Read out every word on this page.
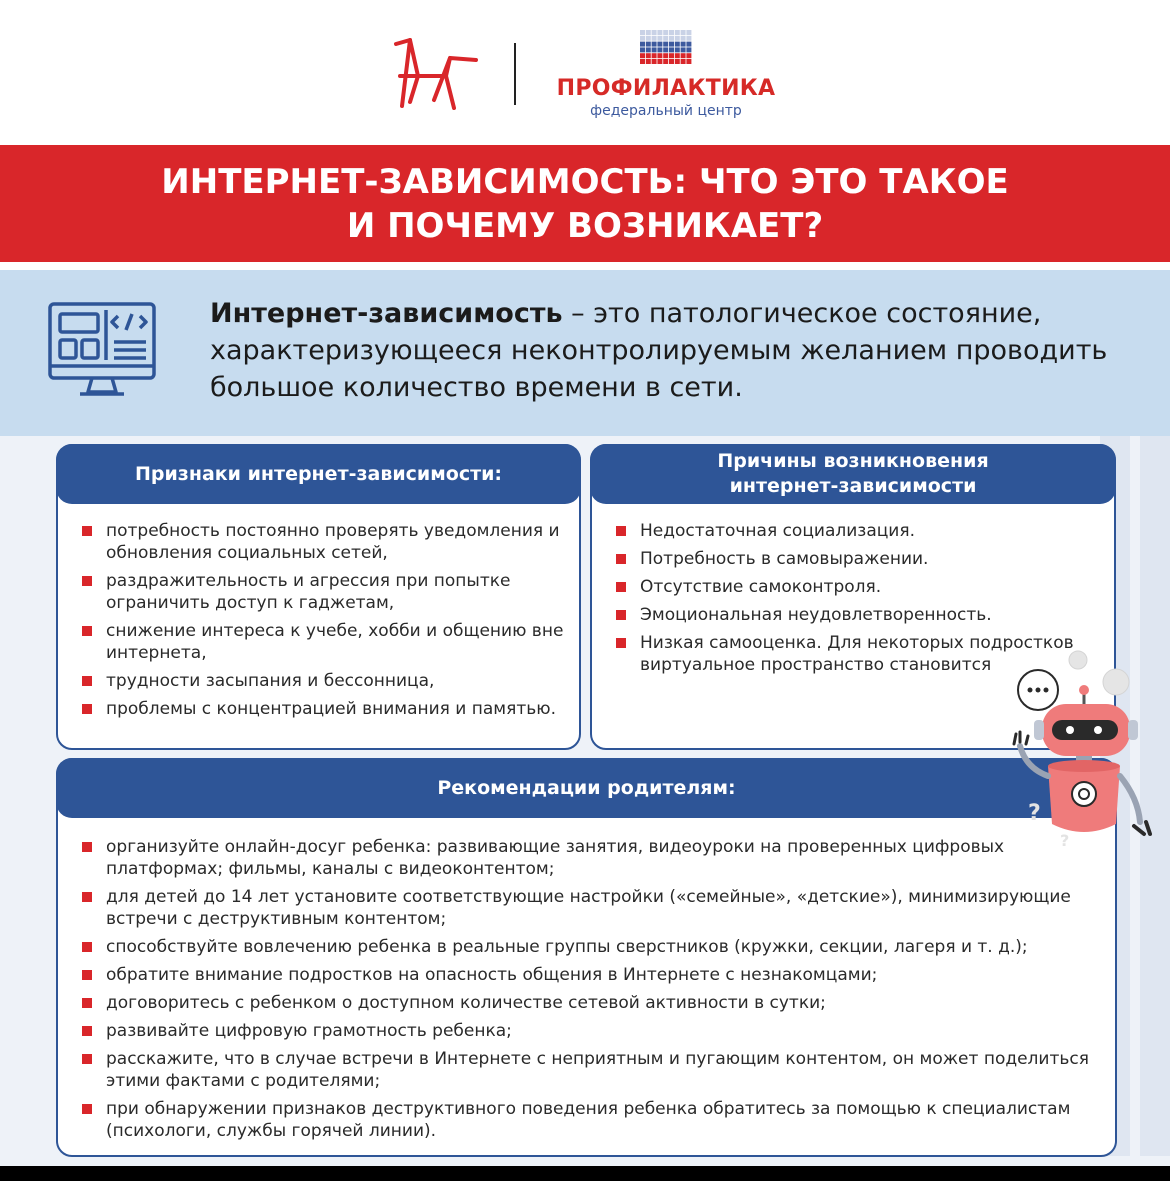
ПРОФИЛАКТИКА
федеральный центр
ИНТЕРНЕТ-ЗАВИСИМОСТЬ: ЧТО ЭТО ТАКОЕ
И ПОЧЕМУ ВОЗНИКАЕТ?
Интернет-зависимость – это патологическое состояние, характеризующееся неконтролируемым желанием проводить большое количество времени в сети.
Признаки интернет-зависимости:
потребность постоянно проверять уведомления и обновления социальных сетей,
раздражительность и агрессия при попытке ограничить доступ к гаджетам,
снижение интереса к учебе, хобби и общению вне интернета,
трудности засыпания и бессонница,
проблемы с концентрацией внимания и памятью.
Причины возникновения
интернет-зависимости
Недостаточная социализация.
Потребность в самовыражении.
Отсутствие самоконтроля.
Эмоциональная неудовлетворенность.
Низкая самооценка. Для некоторых подростков виртуальное пространство становится
Рекомендации родителям:
организуйте онлайн-досуг ребенка: развивающие занятия, видеоуроки на проверенных цифровых платформах; фильмы, каналы с видеоконтентом;
для детей до 14 лет установите соответствующие настройки («семейные», «детские»), минимизирующие встречи с деструктивным контентом;
способствуйте вовлечению ребенка в реальные группы сверстников (кружки, секции, лагеря и т. д.);
обратите внимание подростков на опасность общения в Интернете с незнакомцами;
договоритесь с ребенком о доступном количестве сетевой активности в сутки;
развивайте цифровую грамотность ребенка;
расскажите, что в случае встречи в Интернете с неприятным и пугающим контентом, он может поделиться этими фактами с родителями;
при обнаружении признаков деструктивного поведения ребенка обратитесь за помощью к специалистам (психологи, службы горячей линии).
?
?
